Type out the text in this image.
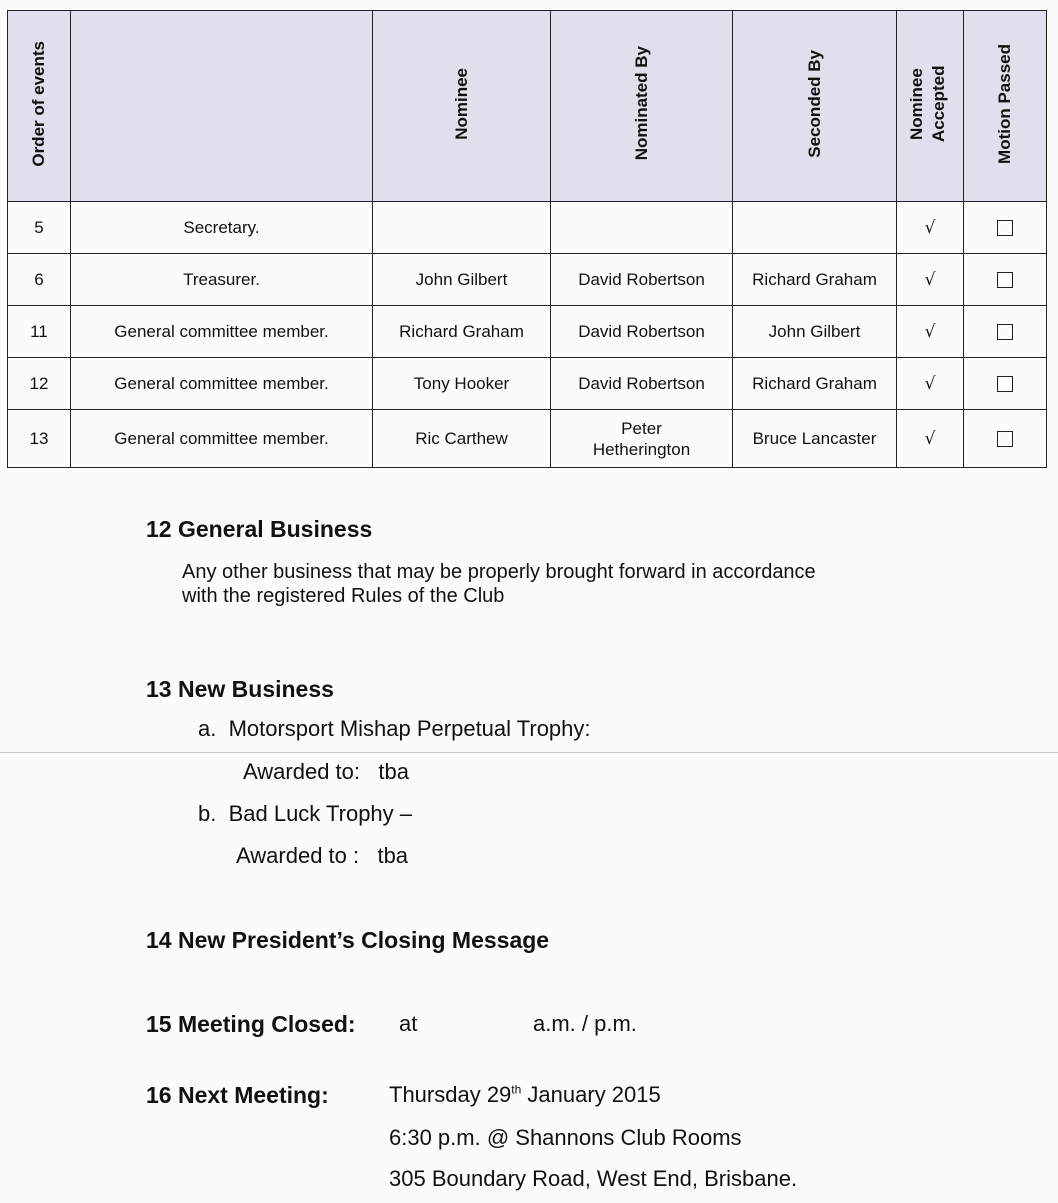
Order of events		Nominee	Nominated By	Seconded By	Nominee Accepted	Motion Passed
5	Secretary.				√	
6	Treasurer.	John Gilbert	David Robertson	Richard Graham	√	
11	General committee member.	Richard Graham	David Robertson	John Gilbert	√	
12	General committee member.	Tony Hooker	David Robertson	Richard Graham	√	
13	General committee member.	Ric Carthew	Peter Hetherington	Bruce Lancaster	√	
12 General Business
Any other business that may be properly brought forward in accordance
with the registered Rules of the Club
13 New Business
a.  Motorsport Mishap Perpetual Trophy:
Awarded to:   tba
b.  Bad Luck Trophy –
Awarded to :   tba
14 New President’s Closing Message
15 Meeting Closed: at	a.m. / p.m.
16 Next Meeting:	Thursday 29th January 2015
6:30 p.m. @ Shannons Club Rooms
305 Boundary Road, West End, Brisbane.
